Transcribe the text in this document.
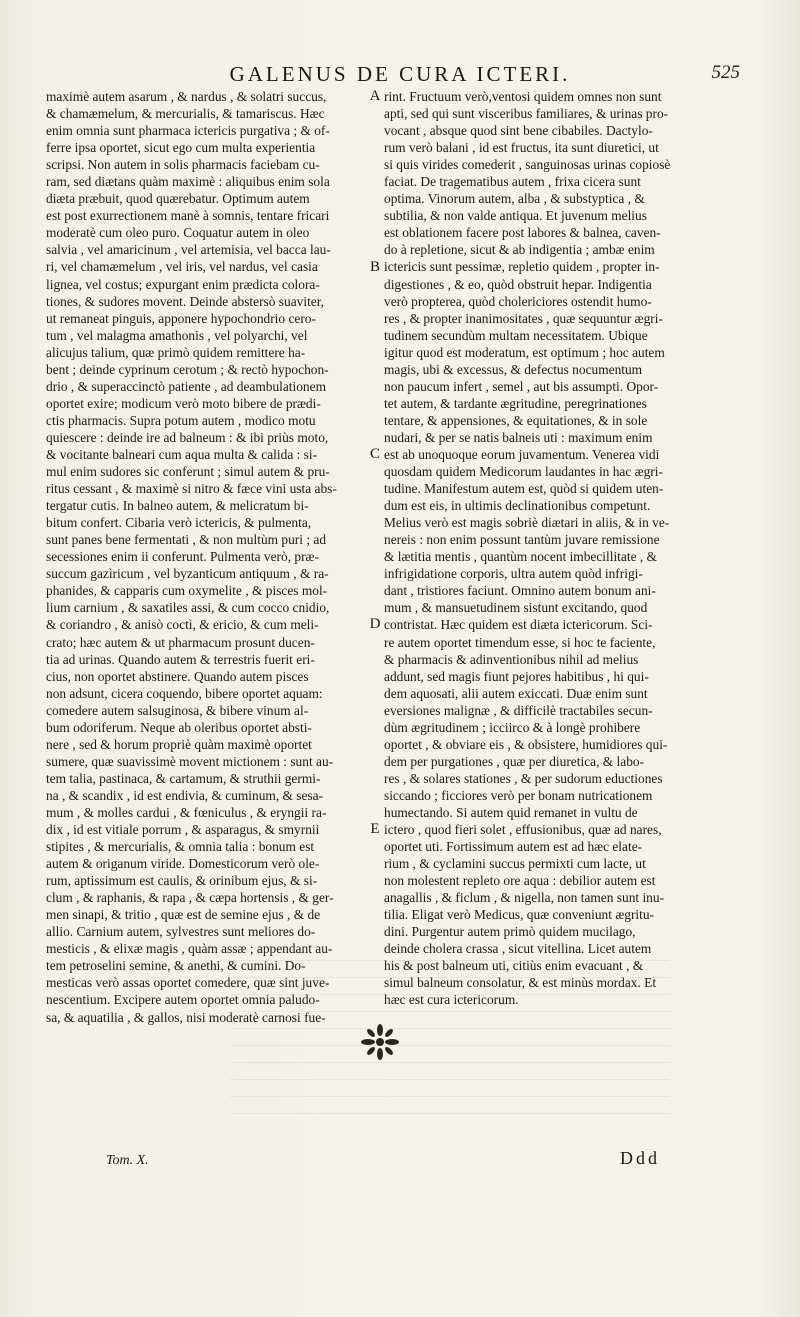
GALENUS DE CURA ICTERI.	525
maximè autem asarum , & nardus , & solatri succus,
& chamæmelum, & mercurialis, & tamariscus. Hæc
enim omnia sunt pharmaca ictericis purgativa ; & of-
ferre ipsa oportet, sicut ego cum multa experientia
scripsi. Non autem in solis pharmacis faciebam cu-
ram, sed diætans quàm maximè : aliquibus enim sola
diæta præbuit, quod quærebatur. Optimum autem
est post exurrectionem manè à somnis, tentare fricari
moderatè cum oleo puro. Coquatur autem in oleo
salvia , vel amaricinum , vel artemisia, vel bacca lau-
ri, vel chamæmelum , vel iris, vel nardus, vel casia
lignea, vel costus; expurgant enim prædicta colora-
tiones, & sudores movent. Deinde abstersò suaviter,
ut remaneat pinguis, apponere hypochondrio cero-
tum , vel malagma amathonis , vel polyarchi, vel
alicujus talium, quæ primò quidem remittere ha-
bent ; deinde cyprinum cerotum ; & rectò hypochon-
drio , & superaccinctò patiente , ad deambulationem
oportet exire; modicum verò moto bibere de prædi-
ctis pharmacis. Supra potum autem , modico motu
quiescere : deinde ire ad balneum : & ibi priùs moto,
& vocitante balneari cum aqua multa & calida : si-
mul enim sudores sic conferunt ; simul autem & pru-
ritus cessant , & maximè si nitro & fæce vini usta abs-
tergatur cutis. In balneo autem, & melicratum bi-
bitum confert. Cibaria verò ictericis, & pulmenta,
sunt panes bene fermentati , & non multùm puri ; ad
secessiones enim ii conferunt. Pulmenta verò, præ-
succum gazìricum , vel byzanticum antiquum , & ra-
phanides, & capparis cum oxymelite , & pisces mol-
lium carnium , & saxatiles assi, & cum cocco cnidio,
& coriandro , & anisò coctì, & ericio, & cum meli-
crato; hæc autem & ut pharmacum prosunt ducen-
tia ad urinas. Quando autem & terrestris fuerit eri-
cius, non oportet abstinere. Quando autem pisces
non adsunt, cicera coquendo, bibere oportet aquam:
comedere autem salsuginosa, & bibere vinum al-
bum odoriferum. Neque ab oleribus oportet absti-
nere , sed & horum propriè quàm maximè oportet
sumere, quæ suavissimè movent mictionem : sunt au-
tem talia, pastinaca, & cartamum, & struthii germi-
na , & scandix , id est endivia, & cuminum, & sesa-
mum , & molles cardui , & fœniculus , & eryngii ra-
dix , id est vitiale porrum , & asparagus, & smyrnii
stipites , & mercurialis, & omnia talia : bonum est
autem & origanum viride. Domesticorum verò ole-
rum, aptissimum est caulis, & orinibum ejus, & si-
clum , & raphanis, & rapa , & cæpa hortensis , & ger-
men sinapi, & tritio , quæ est de semine ejus , & de
allio. Carnium autem, sylvestres sunt meliores do-
mesticis , & elixæ magis , quàm assæ ; appendant au-
tem petroselini semine, & anethi, & cumini. Do-
mesticas verò assas oportet comedere, quæ sint juve-
nescentium. Excipere autem oportet omnia paludo-
sa, & aquatilia , & gallos, nisi moderatè carnosi fue-
rint. Fructuum verò,ventosi quidem omnes non sunt
apti, sed qui sunt visceribus familiares, & urinas pro-
vocant , absque quod sint bene cibabiles. Dactylo-
rum verò balani , id est fructus, ita sunt diuretici, ut
si quis virides comederit , sanguinosas urinas copiosè
faciat. De tragematibus autem , frixa cicera sunt
optima. Vinorum autem, alba , & substyptica , &
subtilia, & non valde antiqua. Et juvenum melius
est oblationem facere post labores & balnea, caven-
do à repletione, sicut & ab indigentia ; ambæ enim
ictericis sunt pessimæ, repletio quidem , propter in-
digestiones , & eo, quòd obstruit hepar. Indigentia
verò propterea, quòd cholericiores ostendit humo-
res , & propter inanimositates , quæ sequuntur ægri-
tudinem secundùm multam necessitatem. Ubique
igitur quod est moderatum, est optimum ; hoc autem
magis, ubi & excessus, & defectus nocumentum
non paucum infert , semel , aut bis assumpti. Opor-
tet autem, & tardante ægritudine, peregrinationes
tentare, & appensiones, & equitationes, & in sole
nudari, & per se natis balneis uti : maximum enim
est ab unoquoque eorum juvamentum. Venerea vidi
quosdam quidem Medicorum laudantes in hac ægri-
tudine. Manifestum autem est, quòd si quidem uten-
dum est eis, in ultimis declinationibus competunt.
Melius verò est magis sobriè diætari in aliis, & in ve-
nereis : non enim possunt tantùm juvare remissione
& lætitia mentis , quantùm nocent imbecillitate , &
infrigidatione corporis, ultra autem quòd infrigi-
dant , tristiores faciunt. Omnino autem bonum ani-
mum , & mansuetudinem sistunt excitando, quod
contristat. Hæc quidem est diæta ictericorum. Sci-
re autem oportet timendum esse, si hoc te faciente,
& pharmacis & adinventionibus nihil ad melius
addunt, sed magis fiunt pejores habitibus , hi qui-
dem aquosati, alii autem exiccati. Duæ enim sunt
eversiones malignæ , & difficilè tractabiles secun-
dùm ægritudinem ; icciirco & à longè prohibere
oportet , & obviare eis , & obsistere, humidiores qui-
dem per purgationes , quæ per diuretica, & labo-
res , & solares stationes , & per sudorum eductiones
siccando ; ficciores verò per bonam nutricationem
humectando. Si autem quid remanet in vultu de
ictero , quod fieri solet , effusionibus, quæ ad nares,
oportet uti. Fortissimum autem est ad hæc elate-
rium , & cyclamini succus permixti cum lacte, ut
non molestent repleto ore aqua : debilior autem est
anagallis , & ficlum , & nigella, non tamen sunt inu-
tilia. Eligat verò Medicus, quæ conveniunt ægritu-
dini. Purgentur autem primò quidem mucilago,
deinde cholera crassa , sicut vitellina. Licet autem
his & post balneum uti, citiùs enim evacuant , &
simul balneum consolatur, & est minùs mordax. Et
hæc est cura ictericorum.
A
B
C
D
E
Tom. X.	Ddd
